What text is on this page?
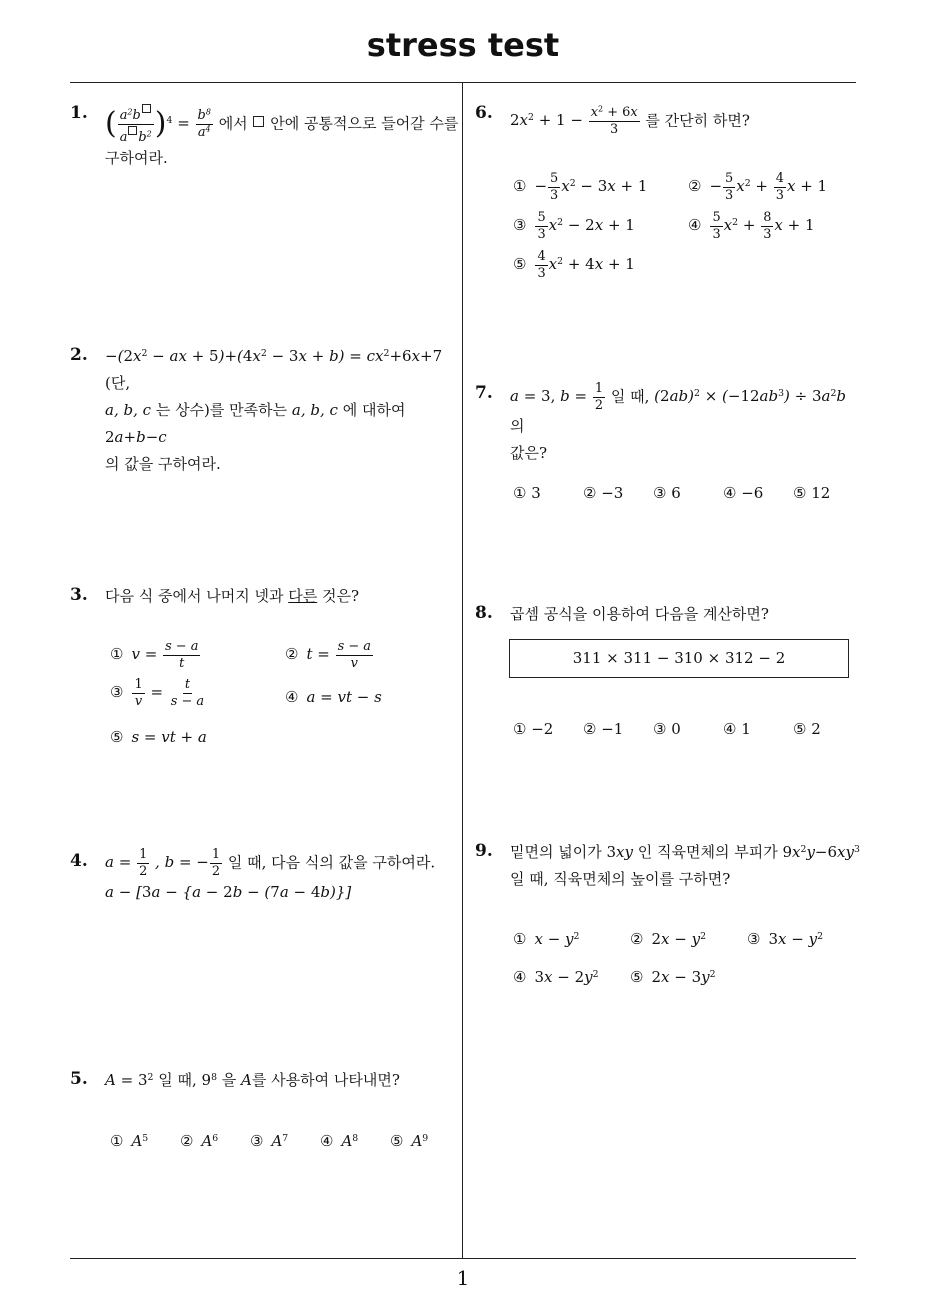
stress test
1
1. ( $\frac{a^2b}{a b^2} )^4 = \frac{b^8}{a^4}$ 에서 안에 공통적으로 들어갈 수를
구하여라.
2. $-(2x^2$ − ax + $5)+(4x^2 - 3x + b) = cx^2+6x+7$ (단,
a, b, c 는 상수)를 만족하는 a, b, c 에 대하여 2a+b−c
의 값을 구하여라.
3. 다음 식 중에서 나머지 넷과 다른 것은?
① $v = \frac{s - a}{t}$	② $t = \frac{s - a}{v}$
③ $\frac{1}{v} = \frac{t}{s - a}$	④ a = vt − s
⑤ s = vt + a
4. $a = \frac{1}{2}$ , b = − $\frac{1}{2}$ 일 때, 다음 식의 값을 구하여라.
a − [3a − {a − 2b − (7a − 4b)}]
5. $A = 3^2$ 일 때, $9^8$ 을 A를 사용하여 나타내면?
① $A^5$ ② $A^6$ ③ $A^7$ ④ $A^8$ ⑤ $A^9$
6. $2x^2 + 1 - \frac{x^2 + 6x}{3}$ 를 간단히 하면?
① − $\frac{5}{3} x^2 - 3x + 1$	② − $\frac{5}{3} x^2 + \frac{4}{3}$ x + 1
③ $\frac{5}{3} x^2 - 2x + 1$	④ $\frac{5}{3} x^2 + \frac{8}{3}$ x + 1
⑤ $\frac{4}{3} x^2 + 4x + 1$
7. a = 3, $b = \frac{1}{2}$ 일 때, $(2ab)^2 \times (-12ab^3) \div 3a^2b$ 의
값은?
① 3	② −3 ③ 6	④ −6 ⑤ 12
8. 곱셈 공식을 이용하여 다음을 계산하면?
311 × 311 − 310 × 312 − 2
① −2 ② −1 ③ 0	④ 1	⑤ 2
9. 밑면의 넓이가 3xy 인 직육면체의 부피가 $9x^2y-6xy^3$
일 때, 직육면체의 높이를 구하면?
① $x - y^2$	② $2x - y^2$	③ $3x - y^2$
④ $3x - 2y^2$ ⑤ $2x - 3y^2$
